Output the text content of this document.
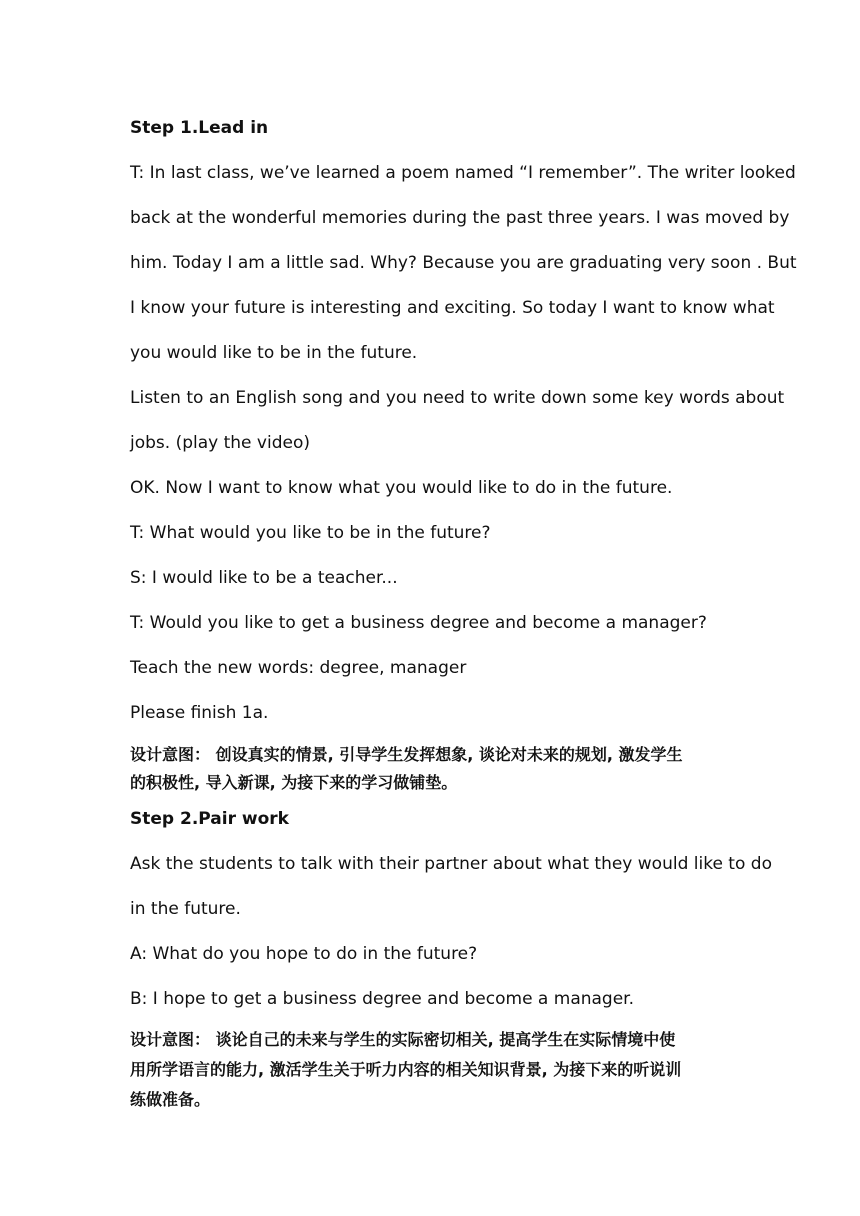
Step 1.Lead in
T: In last class, we’ve learned a poem named “I remember”. The writer looked
back at the wonderful memories during the past three years. I was moved by
him. Today I am a little sad. Why? Because you are graduating very soon . But
I know your future is interesting and exciting. So today I want to know what
you would like to be in the future.
Listen to an English song and you need to write down some key words about
jobs. (play the video)
OK. Now I want to know what you would like to do in the future.
T: What would you like to be in the future?
S: I would like to be a teacher...
T: Would you like to get a business degree and become a manager?
Teach the new words: degree, manager
Please finish 1a.
设计意图： 创设真实的情景, 引导学生发挥想象, 谈论对未来的规划, 激发学生
的积极性, 导入新课, 为接下来的学习做铺垫。
Step 2.Pair work
Ask the students to talk with their partner about what they would like to do
in the future.
A: What do you hope to do in the future?
B: I hope to get a business degree and become a manager.
设计意图： 谈论自己的未来与学生的实际密切相关, 提高学生在实际情境中使
用所学语言的能力, 激活学生关于听力内容的相关知识背景, 为接下来的听说训
练做准备。
